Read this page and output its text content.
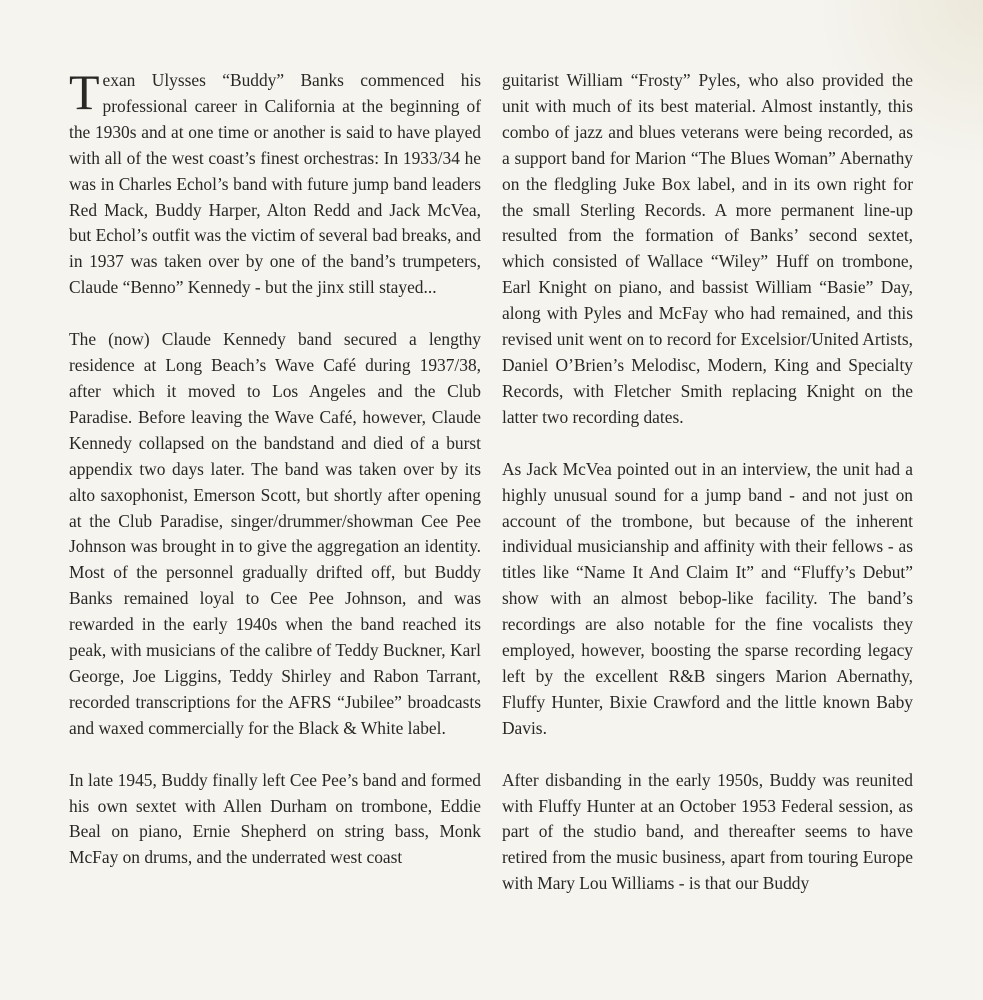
Texan Ulysses “Buddy” Banks commenced his professional career in California at the beginning of the 1930s and at one time or another is said to have played with all of the west coast’s finest orchestras: In 1933/34 he was in Charles Echol’s band with future jump band leaders Red Mack, Buddy Harper, Alton Redd and Jack McVea, but Echol’s outfit was the victim of several bad breaks, and in 1937 was taken over by one of the band’s trumpeters, Claude “Benno” Kennedy - but the jinx still stayed...

The (now) Claude Kennedy band secured a lengthy residence at Long Beach’s Wave Café during 1937/38, after which it moved to Los Angeles and the Club Paradise. Before leaving the Wave Café, however, Claude Kennedy collapsed on the bandstand and died of a burst appendix two days later. The band was taken over by its alto saxophonist, Emerson Scott, but shortly after opening at the Club Paradise, singer/drummer/showman Cee Pee Johnson was brought in to give the aggregation an identity. Most of the personnel gradually drifted off, but Buddy Banks remained loyal to Cee Pee Johnson, and was rewarded in the early 1940s when the band reached its peak, with musicians of the calibre of Teddy Buckner, Karl George, Joe Liggins, Teddy Shirley and Rabon Tarrant, recorded transcriptions for the AFRS “Jubilee” broadcasts and waxed commercially for the Black & White label.

In late 1945, Buddy finally left Cee Pee’s band and formed his own sextet with Allen Durham on trombone, Eddie Beal on piano, Ernie Shepherd on string bass, Monk McFay on drums, and the underrated west coast

guitarist William “Frosty” Pyles, who also provided the unit with much of its best material. Almost instantly, this combo of jazz and blues veterans were being recorded, as a support band for Marion “The Blues Woman” Abernathy on the fledgling Juke Box label, and in its own right for the small Sterling Records. A more permanent line-up resulted from the formation of Banks’ second sextet, which consisted of Wallace “Wiley” Huff on trombone, Earl Knight on piano, and bassist William “Basie” Day, along with Pyles and McFay who had remained, and this revised unit went on to record for Excelsior/United Artists, Daniel O’Brien’s Melodisc, Modern, King and Specialty Records, with Fletcher Smith replacing Knight on the latter two recording dates.

As Jack McVea pointed out in an interview, the unit had a highly unusual sound for a jump band - and not just on account of the trombone, but because of the inherent individual musicianship and affinity with their fellows - as titles like “Name It And Claim It” and “Fluffy’s Debut” show with an almost bebop-like facility. The band’s recordings are also notable for the fine vocalists they employed, however, boosting the sparse recording legacy left by the excellent R&B singers Marion Abernathy, Fluffy Hunter, Bixie Crawford and the little known Baby Davis.

After disbanding in the early 1950s, Buddy was reunited with Fluffy Hunter at an October 1953 Federal session, as part of the studio band, and thereafter seems to have retired from the music business, apart from touring Europe with Mary Lou Williams - is that our Buddy
